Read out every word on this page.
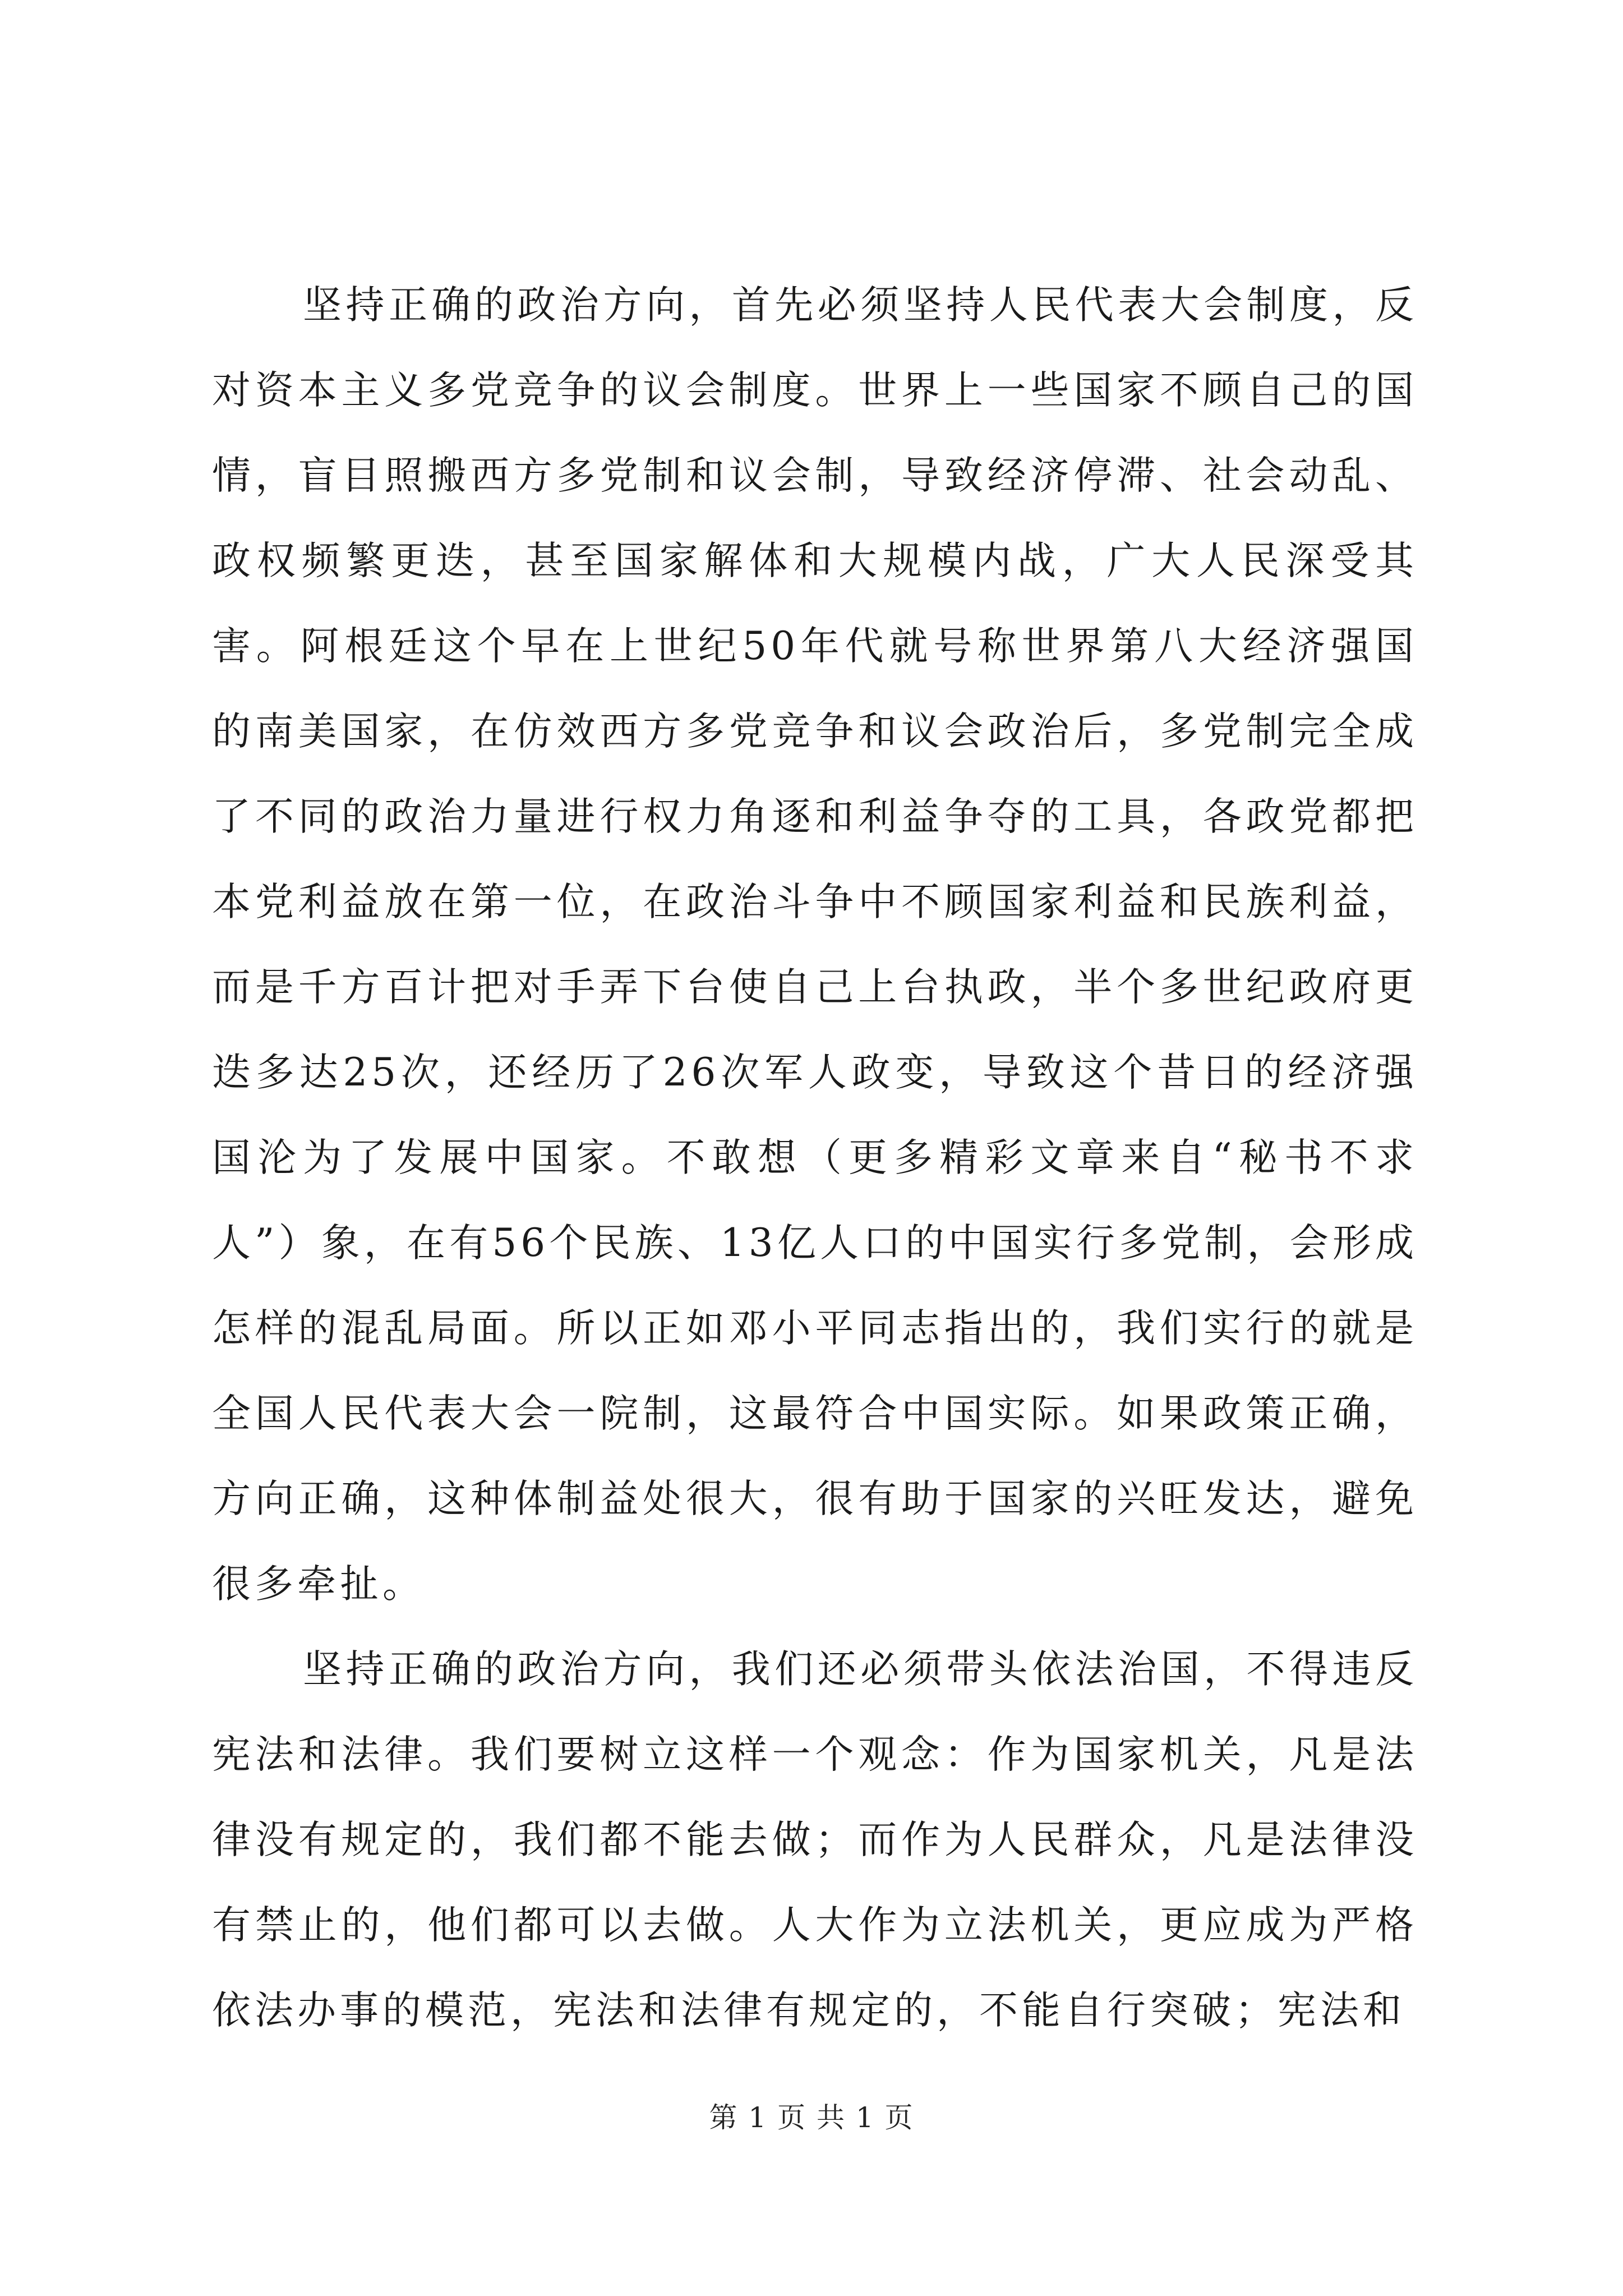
坚持正确的政治方向，首先必须坚持人民代表大会制度，反对资本主义多党竞争的议会制度。世界上一些国家不顾自己的国情，盲目照搬西方多党制和议会制，导致经济停滞、社会动乱、政权频繁更迭，甚至国家解体和大规模内战，广大人民深受其害。阿根廷这个早在上世纪50年代就号称世界第八大经济强国的南美国家，在仿效西方多党竞争和议会政治后，多党制完全成了不同的政治力量进行权力角逐和利益争夺的工具，各政党都把本党利益放在第一位，在政治斗争中不顾国家利益和民族利益，而是千方百计把对手弄下台使自己上台执政，半个多世纪政府更迭多达25次，还经历了26次军人政变，导致这个昔日的经济强国沦为了发展中国家。不敢想（更多精彩文章来自“秘书不求人”）象，在有56个民族、13亿人口的中国实行多党制，会形成怎样的混乱局面。所以正如邓小平同志指出的，我们实行的就是全国人民代表大会一院制，这最符合中国实际。如果政策正确，方向正确，这种体制益处很大，很有助于国家的兴旺发达，避免很多牵扯。

坚持正确的政治方向，我们还必须带头依法治国，不得违反宪法和法律。我们要树立这样一个观念：作为国家机关，凡是法律没有规定的，我们都不能去做；而作为人民群众，凡是法律没有禁止的，他们都可以去做。人大作为立法机关，更应成为严格依法办事的模范，宪法和法律有规定的，不能自行突破；宪法和

第 1 页 共 1 页
